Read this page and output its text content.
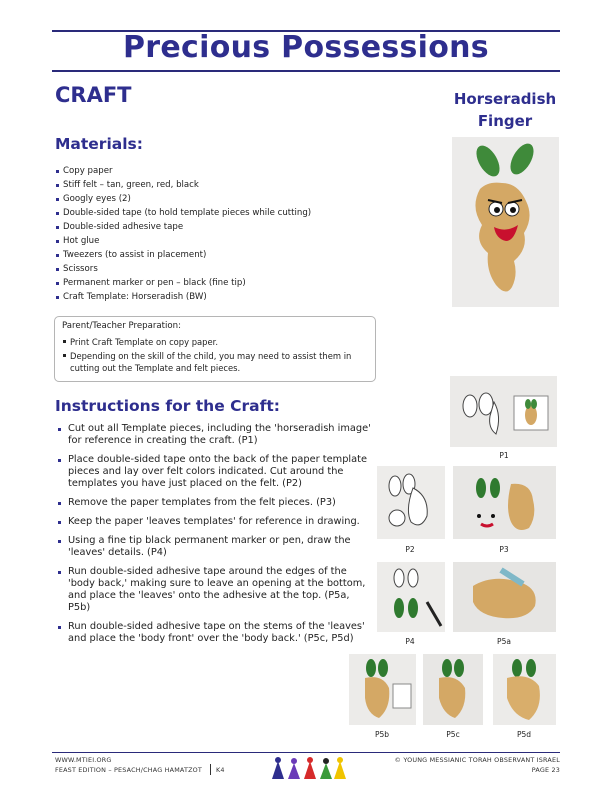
Precious Possessions
CRAFT	Horseradish
Finger
Materials:
Copy paper
Stiff felt – tan, green, red, black
Googly eyes (2)
Double-sided tape (to hold template pieces while cutting)
Double-sided adhesive tape
Hot glue
Tweezers (to assist in placement)
Scissors
Permanent marker or pen – black (fine tip)
Craft Template: Horseradish (BW)
Parent/Teacher Preparation:
Print Craft Template on copy paper.
Depending on the skill of the child, you may need to assist them in cutting out the Template and felt pieces.
Instructions for the Craft:
Cut out all Template pieces, including the 'horseradish image' for reference in creating the craft. (P1)
Place double-sided tape onto the back of the paper template pieces and lay over felt colors indicated. Cut around the templates you have just placed on the felt. (P2)
Remove the paper templates from the felt pieces. (P3)
Keep the paper 'leaves templates' for reference in drawing.
Using a fine tip black permanent marker or pen, draw the 'leaves' details. (P4)
Run double-sided adhesive tape around the edges of the 'body back,' making sure to leave an opening at the bottom, and place the 'leaves' onto the adhesive at the top. (P5a, P5b)
Run double-sided adhesive tape on the stems of the 'leaves' and place the 'body front' over the 'body back.' (P5c, P5d)
P1
P2	P3
P4	P5a
P5b	P5c	P5d
WWW.MTIEI.ORG
FEAST EDITION – PESACH/CHAG HAMATZOT K4
© YOUNG MESSIANIC TORAH OBSERVANT ISRAEL
PAGE 23
